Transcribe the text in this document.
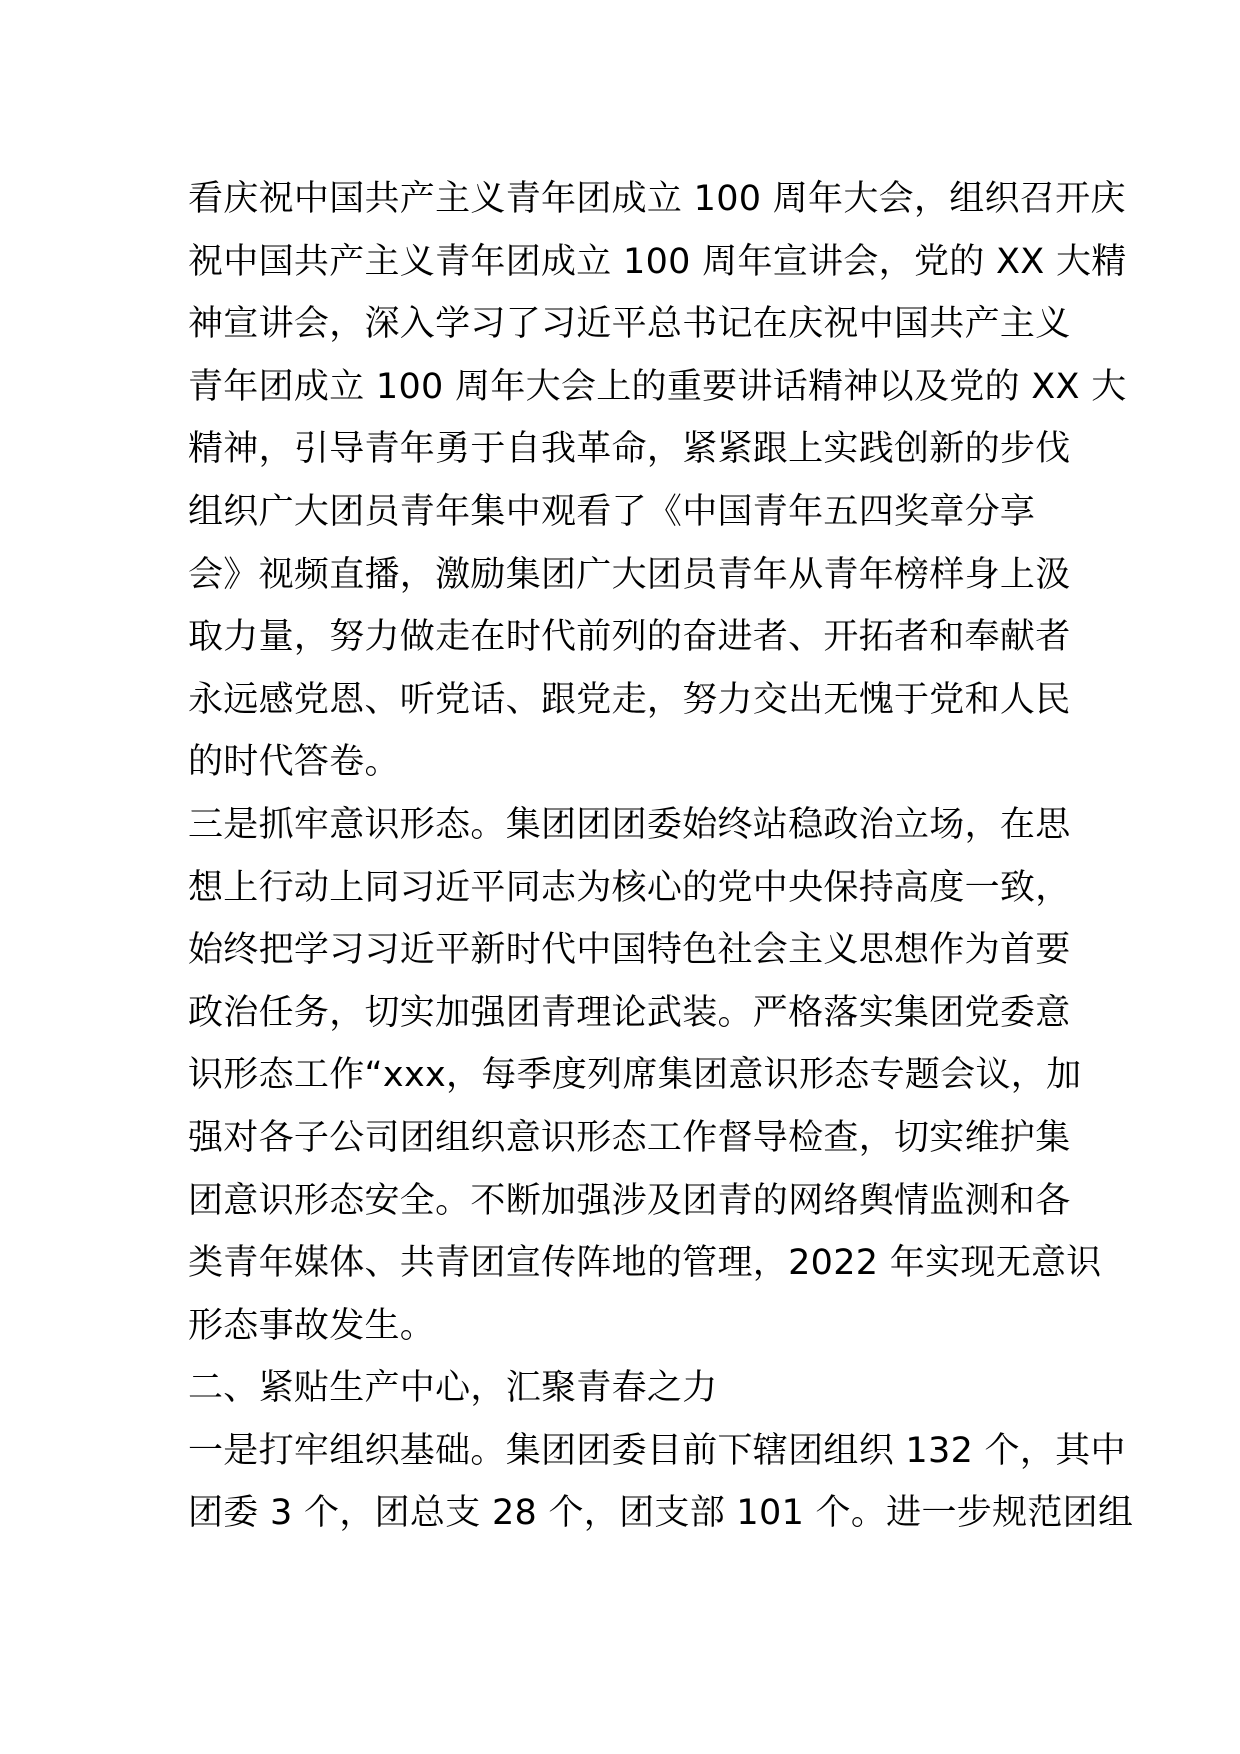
看庆祝中国共产主义青年团成立 100 周年大会，组织召开庆
祝中国共产主义青年团成立 100 周年宣讲会，党的 XX 大精
神宣讲会，深入学习了习近平总书记在庆祝中国共产主义
青年团成立 100 周年大会上的重要讲话精神以及党的 XX 大
精神，引导青年勇于自我革命，紧紧跟上实践创新的步伐
组织广大团员青年集中观看了《中国青年五四奖章分享
会》视频直播，激励集团广大团员青年从青年榜样身上汲
取力量，努力做走在时代前列的奋进者、开拓者和奉献者
永远感党恩、听党话、跟党走，努力交出无愧于党和人民
的时代答卷。
三是抓牢意识形态。集团团团委始终站稳政治立场，在思
想上行动上同习近平同志为核心的党中央保持高度一致，
始终把学习习近平新时代中国特色社会主义思想作为首要
政治任务，切实加强团青理论武装。严格落实集团党委意
识形态工作“xxx，每季度列席集团意识形态专题会议，加
强对各子公司团组织意识形态工作督导检查，切实维护集
团意识形态安全。不断加强涉及团青的网络舆情监测和各
类青年媒体、共青团宣传阵地的管理，2022 年实现无意识
形态事故发生。
二、紧贴生产中心，汇聚青春之力
一是打牢组织基础。集团团委目前下辖团组织 132 个，其中
团委 3 个，团总支 28 个，团支部 101 个。进一步规范团组
